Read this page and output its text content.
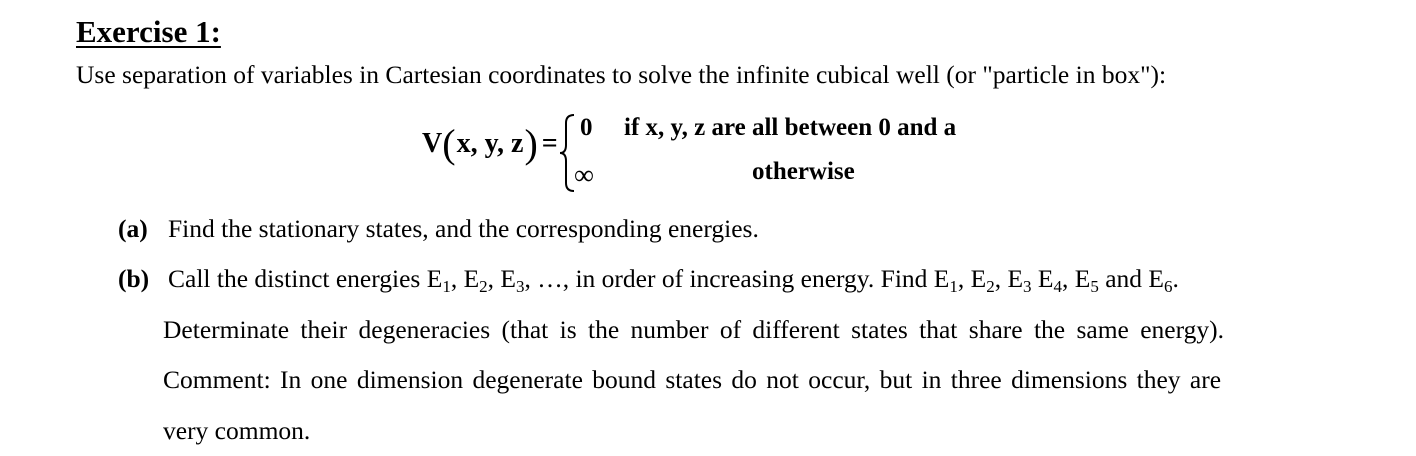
Exercise 1:
Use separation of variables in Cartesian coordinates to solve the infinite cubical well (or "particle in box"):
V ( x, y, z ) =
0 if x, y, z are all between 0 and a
∞	otherwise
(a) Find the stationary states, and the corresponding energies.
(b) Call the distinct energies $E_1$, $E_2$, $E_3$, …, in order of increasing energy. Find $E_1$, $E_2$, $E_3$ $E_4$, $E_5$ and $E_6$.
Determinate their degeneracies (that is the number of different states that share the same energy).
Comment: In one dimension degenerate bound states do not occur, but in three dimensions they are
very common.
